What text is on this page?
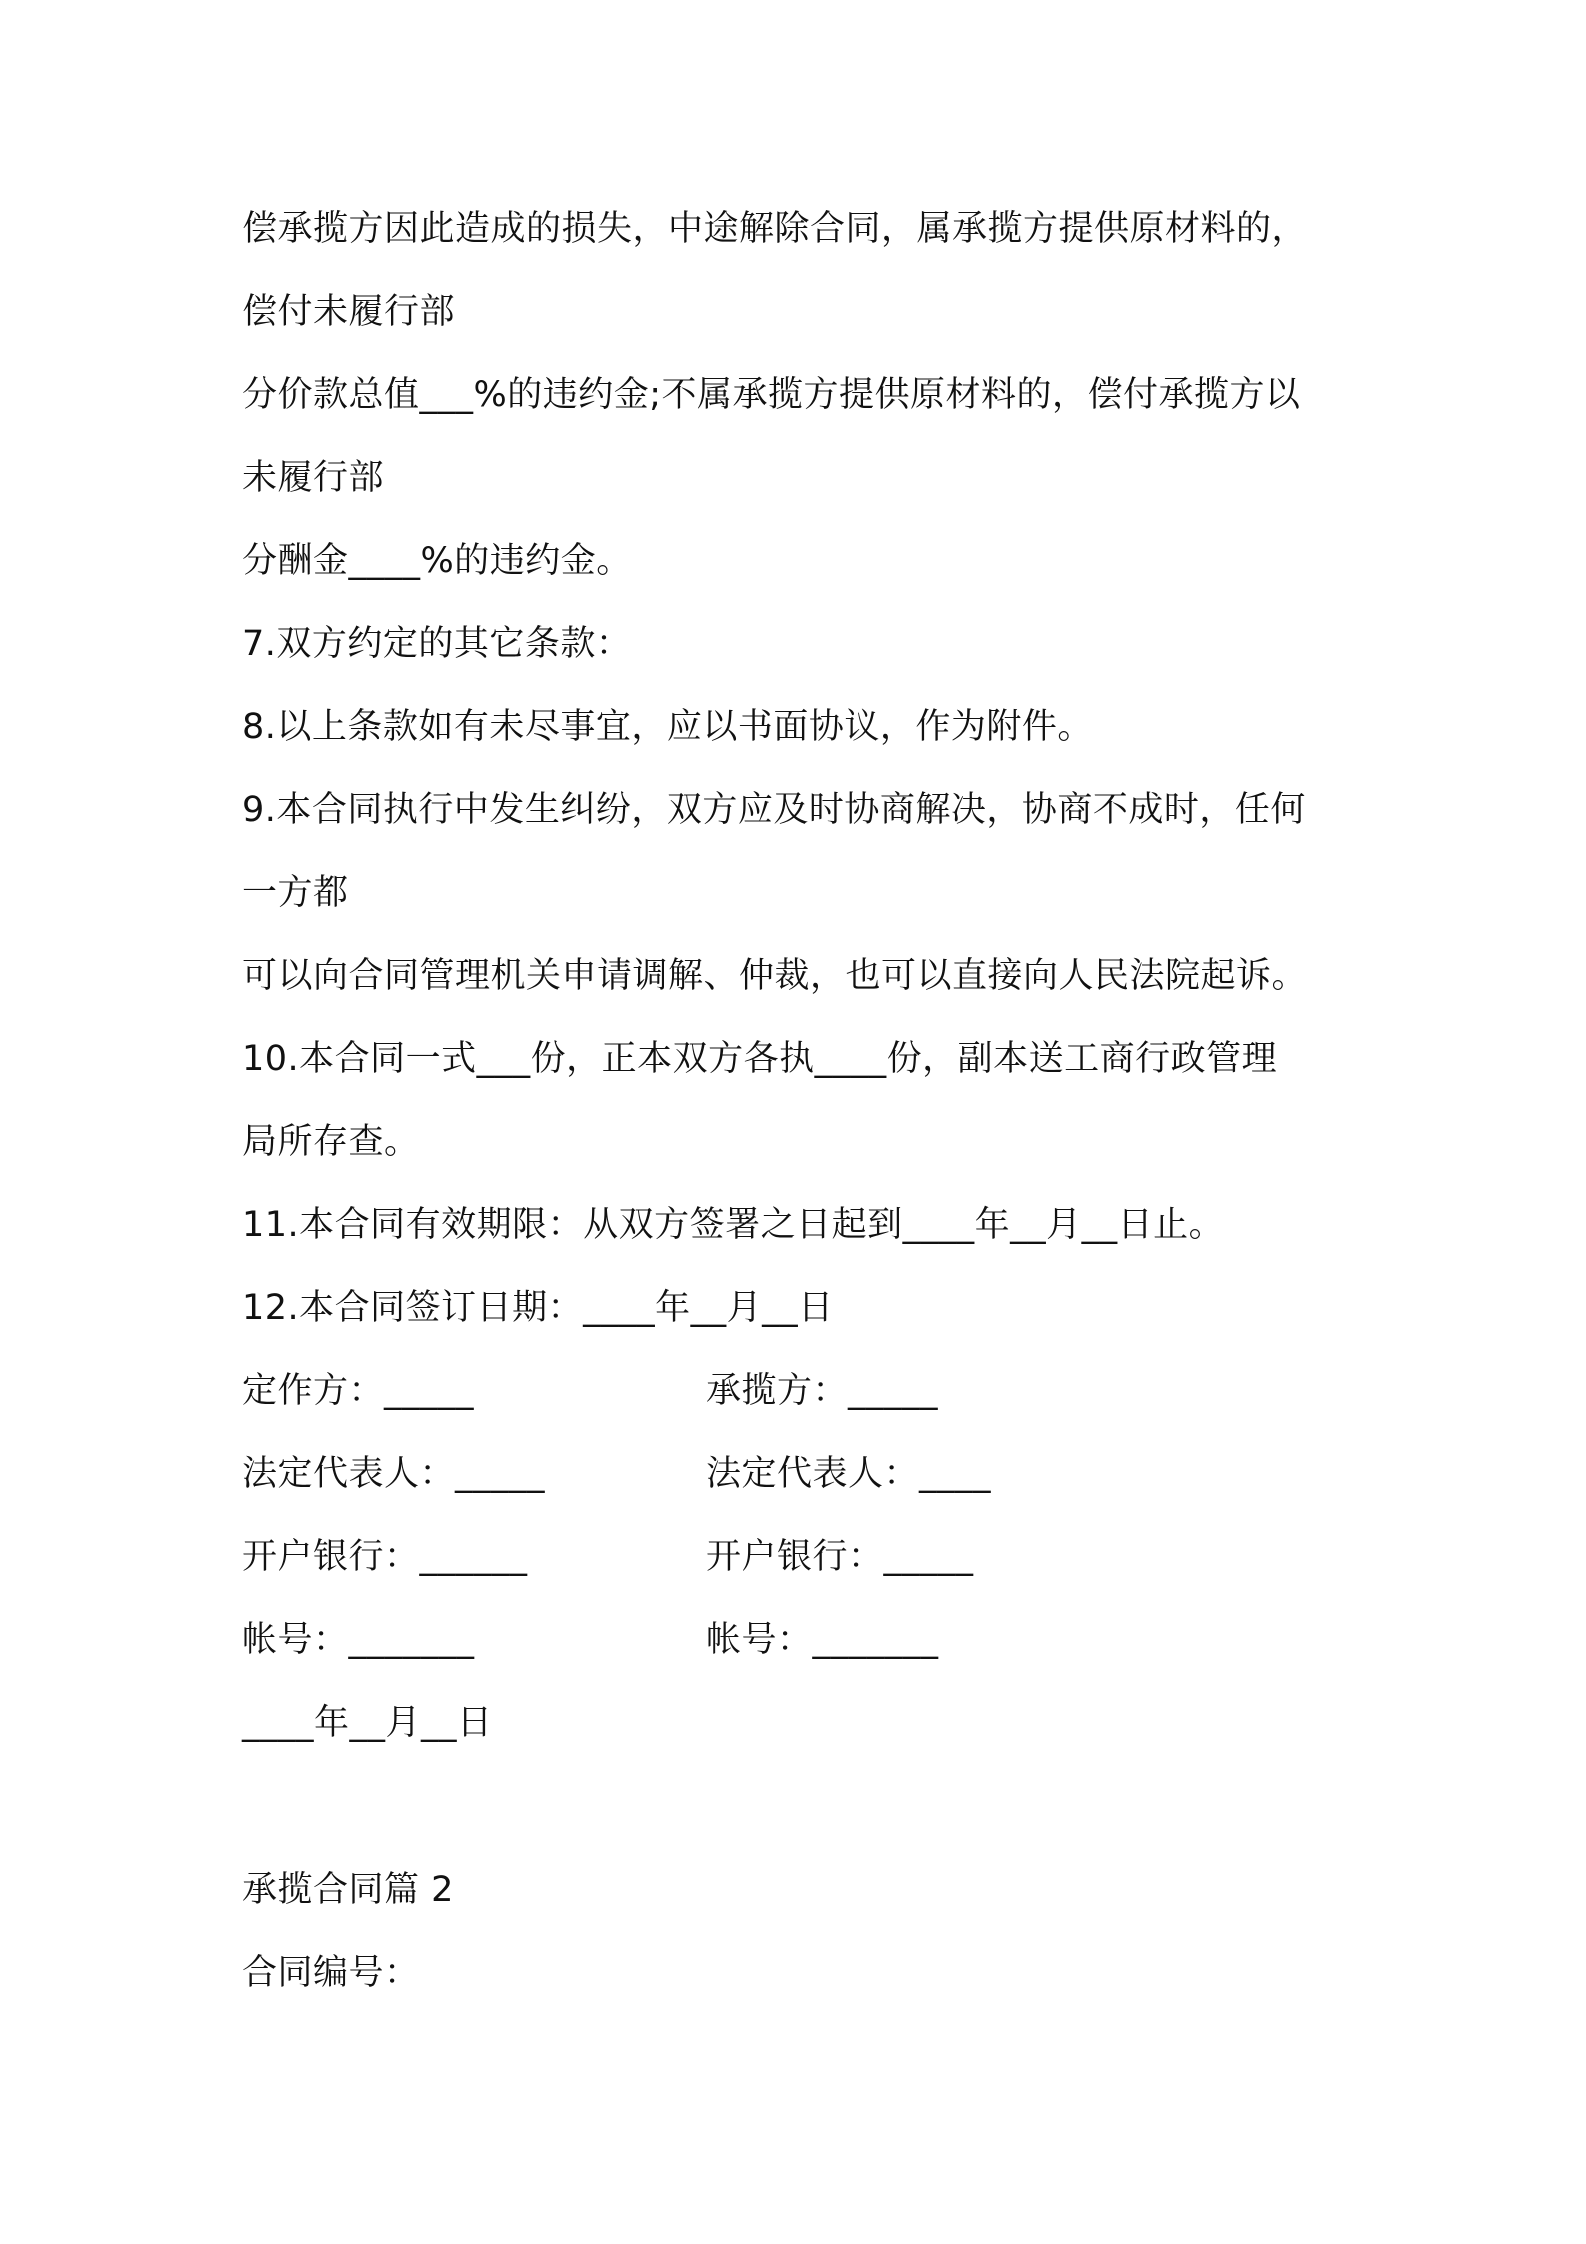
偿承揽方因此造成的损失，中途解除合同，属承揽方提供原材料的，
偿付未履行部
分价款总值___%的违约金;不属承揽方提供原材料的，偿付承揽方以
未履行部
分酬金____%的违约金。
7.双方约定的其它条款：
8.以上条款如有未尽事宜，应以书面协议，作为附件。
9.本合同执行中发生纠纷，双方应及时协商解决，协商不成时，任何
一方都
可以向合同管理机关申请调解、仲裁，也可以直接向人民法院起诉。
10.本合同一式___份，正本双方各执____份，副本送工商行政管理
局所存查。
11.本合同有效期限：从双方签署之日起到____年__月__日止。
12.本合同签订日期：____年__月__日
定作方：_____	承揽方：_____
法定代表人：_____	法定代表人：____
开户银行：______	开户银行：_____
帐号：_______	帐号：_______
____年__月__日
承揽合同篇 2
合同编号：
